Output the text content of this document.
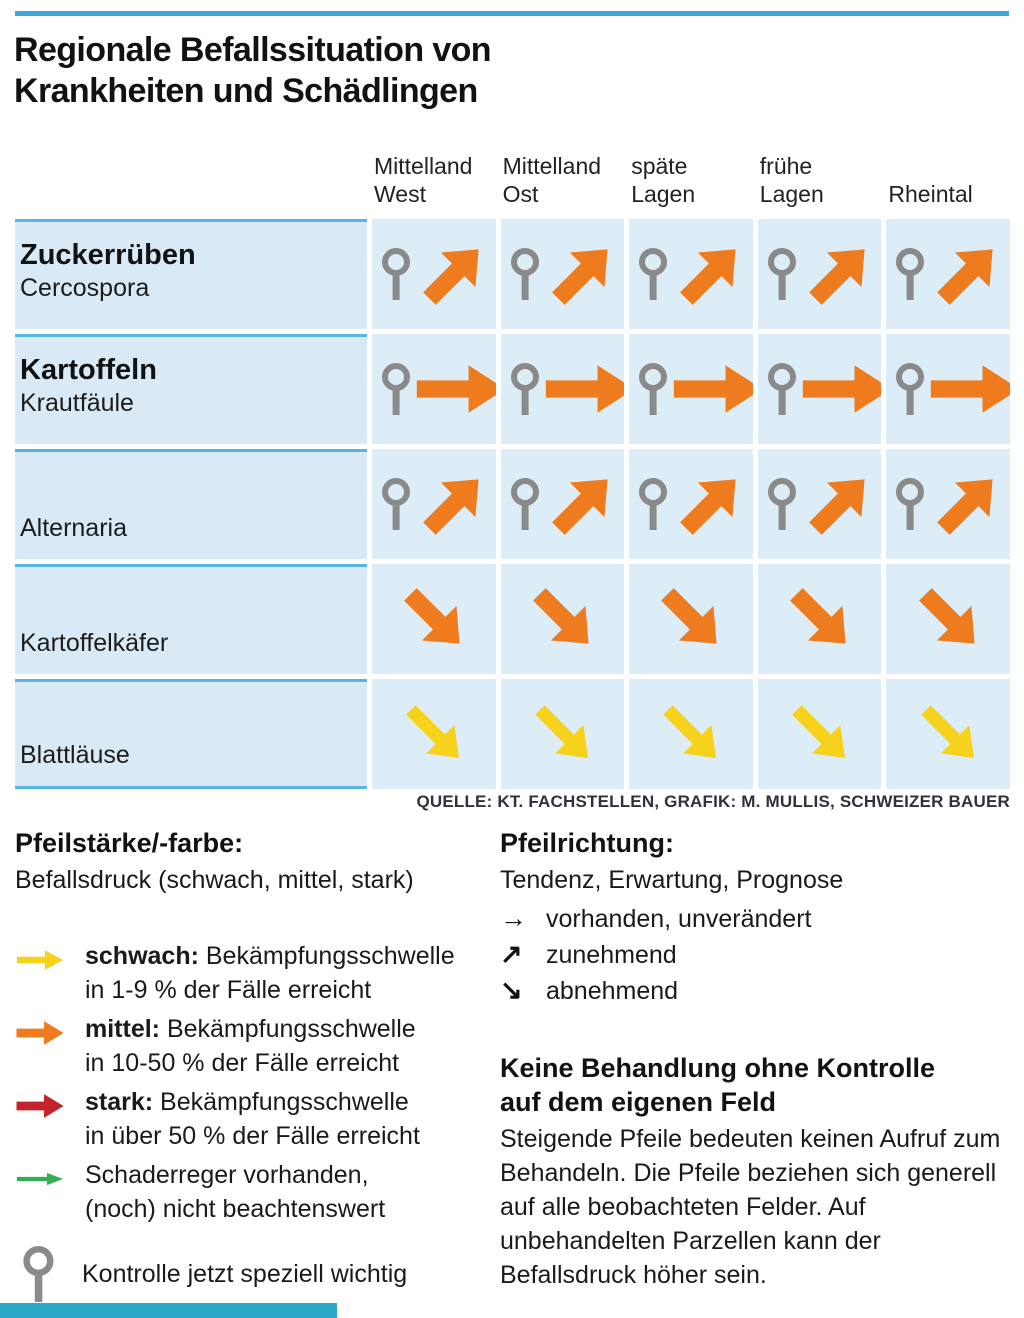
Regionale Befallssituation von
Krankheiten und Schädlingen
Mittelland West
Mittelland Ost
späte Lagen
frühe Lagen	Rheintal
Zuckerrüben
Cercospora
Kartoffeln
Krautfäule
Alternaria
Kartoffelkäfer
Blattläuse
QUELLE: KT. FACHSTELLEN, GRAFIK: M. MULLIS, SCHWEIZER BAUER
Pfeilstärke/-farbe:
Befallsdruck (schwach, mittel, stark)
schwach: Bekämpfungsschwelle
in 1-9 % der Fälle erreicht
mittel: Bekämpfungsschwelle
in 10-50 % der Fälle erreicht
stark: Bekämpfungsschwelle
in über 50 % der Fälle erreicht
Schaderreger vorhanden,
(noch) nicht beachtenswert
Kontrolle jetzt speziell wichtig
Pfeilrichtung:
Tendenz, Erwartung, Prognose
→ vorhanden, unverändert
↗ zunehmend
↘ abnehmend
Keine Behandlung ohne Kontrolle
auf dem eigenen Feld
Steigende Pfeile bedeuten keinen Aufruf zum Behandeln. Die Pfeile beziehen sich generell auf alle beobachteten Felder. Auf unbehandelten Parzellen kann der Befallsdruck höher sein.
